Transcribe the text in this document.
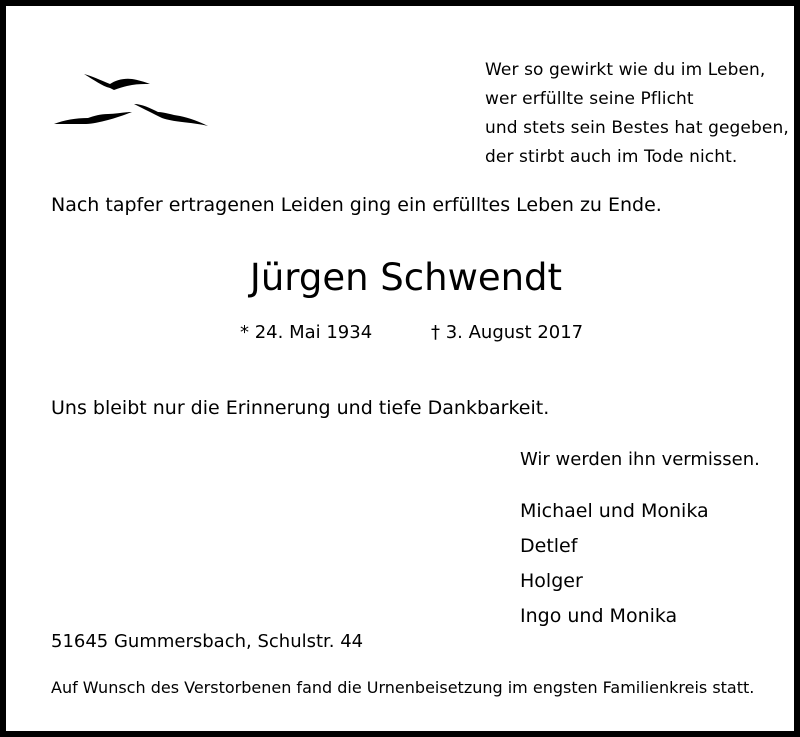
Wer so gewirkt wie du im Leben,
wer erfüllte seine Pflicht
und stets sein Bestes hat gegeben,
der stirbt auch im Tode nicht.
Nach tapfer ertragenen Leiden ging ein erfülltes Leben zu Ende.
Jürgen Schwendt
* 24. Mai 1934	† 3. August 2017
Uns bleibt nur die Erinnerung und tiefe Dankbarkeit.
Wir werden ihn vermissen.
Michael und Monika
Detlef
Holger
Ingo und Monika
51645 Gummersbach, Schulstr. 44
Auf Wunsch des Verstorbenen fand die Urnenbeisetzung im engsten Familienkreis statt.
